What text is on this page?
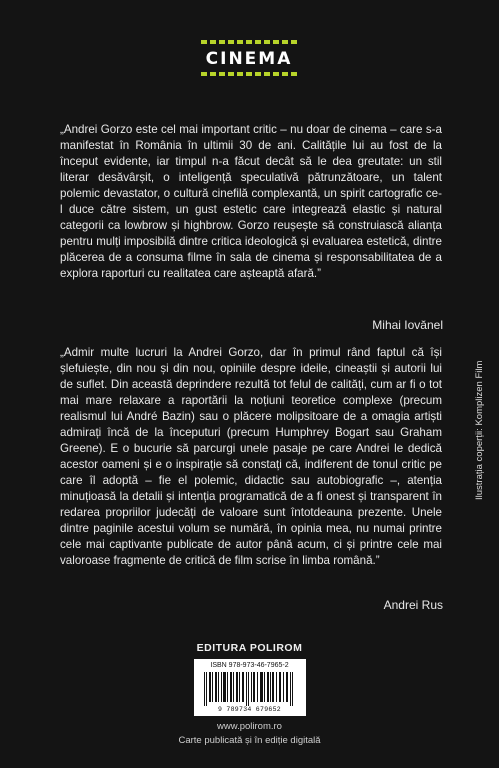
CINEMA

„Andrei Gorzo este cel mai important critic – nu doar de cinema – care s-a manifestat în România în ultimii 30 de ani. Calitățile lui au fost de la început evidente, iar timpul n-a făcut decât să le dea greutate: un stil literar desăvârșit, o inteligență speculativă pătrunzătoare, un talent polemic devastator, o cultură cinefilă complexantă, un spirit cartografic ce-l duce către sistem, un gust estetic care integrează elastic și natural categorii ca lowbrow și highbrow. Gorzo reușește să construiască alianța pentru mulți imposibilă dintre critica ideologică și evaluarea estetică, dintre plăcerea de a consuma filme în sala de cinema și responsabilitatea de a explora raporturi cu realitatea care așteaptă afară.”

Mihai Iovănel

„Admir multe lucruri la Andrei Gorzo, dar în primul rând faptul că își șlefuiește, din nou și din nou, opiniile despre ideile, cineaștii și autorii lui de suflet. Din această deprindere rezultă tot felul de calități, cum ar fi o tot mai mare relaxare a raportării la noțiuni teoretice complexe (precum realismul lui André Bazin) sau o plăcere molipsitoare de a omagia artiști admirați încă de la începuturi (precum Humphrey Bogart sau Graham Greene). E o bucurie să parcurgi unele pasaje pe care Andrei le dedică acestor oameni și e o inspirație să constați că, indiferent de tonul critic pe care îl adoptă – fie el polemic, didactic sau autobiografic –, atenția minuțioasă la detalii și intenția programatică de a fi onest și transparent în redarea propriilor judecăți de valoare sunt întotdeauna prezente. Unele dintre paginile acestui volum se numără, în opinia mea, nu numai printre cele mai captivante publicate de autor până acum, ci și printre cele mai valoroase fragmente de critică de film scrise în limba română.”

Andrei Rus
Ilustrația coperții: Komplizen Film
EDITURA POLIROM
ISBN 978-973-46-7965-2
9 789734 679652
www.polirom.ro
Carte publicată și în ediție digitală
